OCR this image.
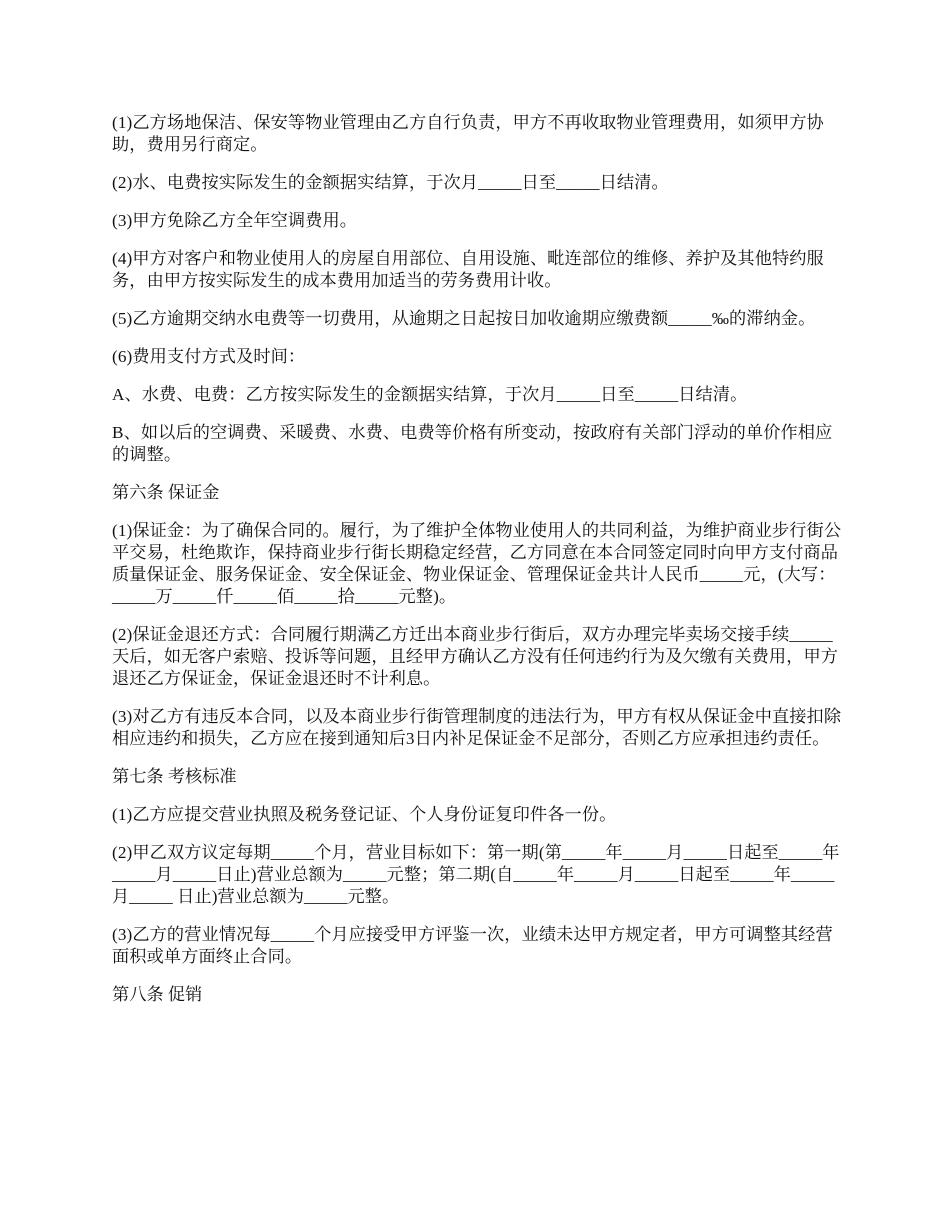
(1)乙方场地保洁、保安等物业管理由乙方自行负责，甲方不再收取物业管理费用，如须甲方协助，费用另行商定。

(2)水、电费按实际发生的金额据实结算，于次月_____日至_____日结清。

(3)甲方免除乙方全年空调费用。

(4)甲方对客户和物业使用人的房屋自用部位、自用设施、毗连部位的维修、养护及其他特约服务，由甲方按实际发生的成本费用加适当的劳务费用计收。

(5)乙方逾期交纳水电费等一切费用，从逾期之日起按日加收逾期应缴费额_____‰的滞纳金。

(6)费用支付方式及时间：

A、水费、电费：乙方按实际发生的金额据实结算，于次月_____日至_____日结清。

B、如以后的空调费、采暖费、水费、电费等价格有所变动，按政府有关部门浮动的单价作相应的调整。

第六条 保证金

(1)保证金：为了确保合同的。履行，为了维护全体物业使用人的共同利益，为维护商业步行街公平交易，杜绝欺诈，保持商业步行街长期稳定经营，乙方同意在本合同签定同时向甲方支付商品质量保证金、服务保证金、安全保证金、物业保证金、管理保证金共计人民币_____元，(大写：_____万_____仟_____佰_____拾_____元整)。

(2)保证金退还方式：合同履行期满乙方迁出本商业步行街后，双方办理完毕卖场交接手续_____天后，如无客户索赔、投诉等问题，且经甲方确认乙方没有任何违约行为及欠缴有关费用，甲方退还乙方保证金，保证金退还时不计利息。

(3)对乙方有违反本合同，以及本商业步行街管理制度的违法行为，甲方有权从保证金中直接扣除相应违约和损失，乙方应在接到通知后3日内补足保证金不足部分，否则乙方应承担违约责任。

第七条 考核标准

(1)乙方应提交营业执照及税务登记证、个人身份证复印件各一份。

(2)甲乙双方议定每期_____个月，营业目标如下：第一期(第_____年_____月_____日起至_____年_____月_____日止)营业总额为_____元整；第二期(自_____年_____月_____日起至_____年_____月_____ 日止)营业总额为_____元整。

(3)乙方的营业情况每_____个月应接受甲方评鉴一次，业绩未达甲方规定者，甲方可调整其经营面积或单方面终止合同。

第八条 促销
